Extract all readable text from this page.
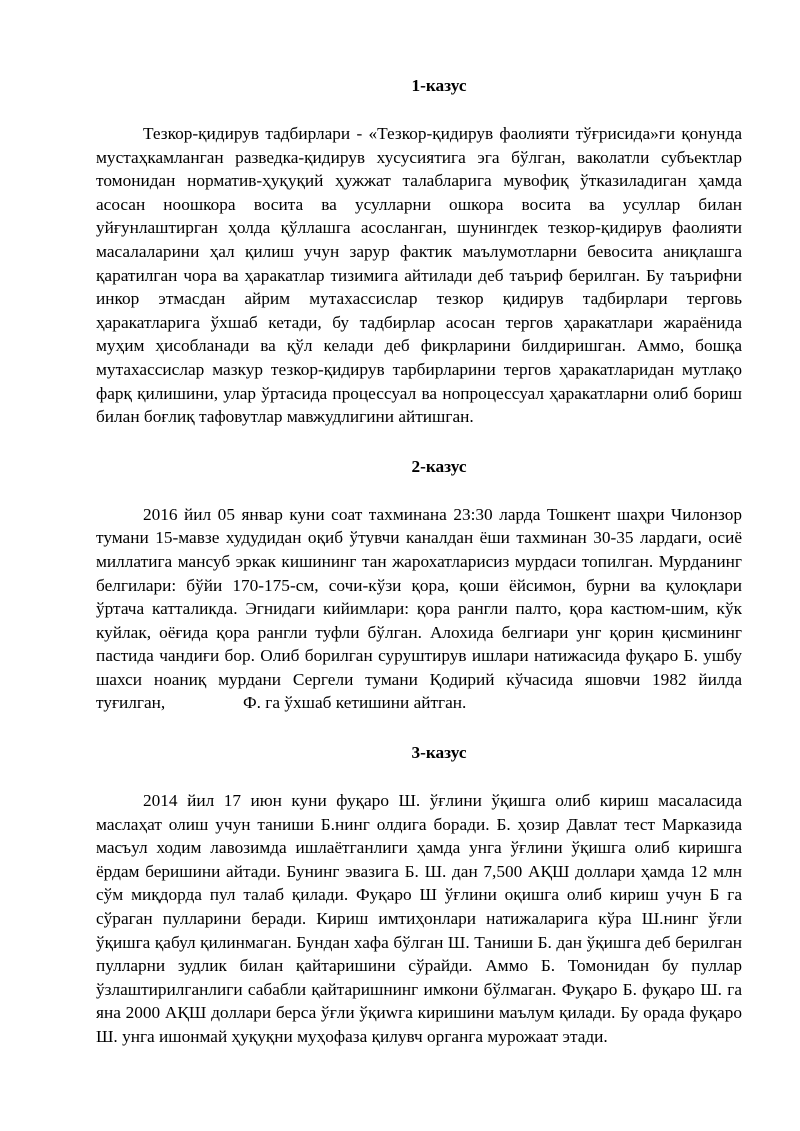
1-казус

Тезкор-қидирув тадбирлари - «Тезкор-қидирув фаолияти тўғрисида»ги қонунда мустаҳкамланган разведка-қидирув хусусиятига эга бўлган, ваколатли субъектлар томонидан норматив-ҳуқуқий ҳужжат талабларига мувофиқ ўтказиладиган ҳамда асосан ноошкора восита ва усулларни ошкора восита ва усуллар билан уйғунлаштирган ҳолда қўллашга асосланган, шунингдек тезкор-қидирув фаолияти масалаларини ҳал қилиш учун зарур фактик маълумотларни бевосита аниқлашга қаратилган чора ва ҳаракатлар тизимига айтилади деб таъриф берилган. Бу таърифни инкор этмасдан айрим мутахассислар тезкор қидирув тадбирлари терговь ҳаракатларига ўхшаб кетади, бу тадбирлар асосан тергов ҳаракатлари жараёнида муҳим ҳисобланади ва қўл келади деб фикрларини билдиришган. Аммо, бошқа мутахассислар мазкур тезкор-қидирув тарбирларини тергов ҳаракатларидан мутлақо фарқ қилишини, улар ўртасида процессуал ва нопроцессуал ҳаракатларни олиб бориш билан боғлиқ тафовутлар мавжудлигини айтишган.

2-казус

2016 йил 05 январ куни соат тахминана 23:30 ларда Тошкент шаҳри Чилонзор тумани 15-мавзе худудидан оқиб ўтувчи каналдан ёши тахминан 30-35 лардаги, осиё миллатига мансуб эркак кишининг тан жарохатларисиз мурдаси топилган. Мурданинг белгилари: бўйи 170-175-см, сочи-кўзи қора, қоши ёйсимон, бурни ва қулоқлари ўртача катталикда. Эгнидаги кийимлари: қора рангли палто, қора кастюм-шим, кўк куйлак, оёғида қора рангли туфли бўлган. Алохида белгиари унг қорин қисмининг пастида чандиғи бор. Олиб борилган суруштирув ишлари натижасида фуқаро Б. ушбу шахси ноаниқ мурдани Сергели тумани Қодирий кўчасида яшовчи 1982 йилда туғилган,                  Ф. га ўхшаб кетишини айтган.

3-казус

2014 йил 17 июн куни фуқаро Ш. ўғлини ўқишга олиб кириш масаласида маслаҳат олиш учун таниши Б.нинг олдига боради. Б. ҳозир Давлат тест Марказида масъул ходим лавозимда ишлаётганлиги ҳамда унга ўғлини ўқишга олиб киришга ёрдам беришини айтади. Бунинг эвазига Б. Ш. дан 7,500 АҚШ доллари ҳамда 12 млн сўм миқдорда пул талаб қилади. Фуқаро Ш ўғлини оқишга олиб кириш учун Б га сўраган пулларини беради. Кириш имтиҳонлари натижаларига кўра Ш.нинг ўғли ўқишга қабул қилинмаган. Бундан хафа бўлган Ш. Таниши Б. дан ўқишга деб берилган пулларни зудлик билан қайтаришини сўрайди. Аммо Б. Томонидан бу пуллар ўзлаштирилганлиги сабабли қайтаришнинг имкони бўлмаган. Фуқаро Б. фуқаро Ш. га яна 2000 АҚШ доллари берса ўғли ўқиwга киришини маълум қилади. Бу орада фуқаро Ш. унга ишонмай ҳуқуқни муҳофаза қилувч органга мурожаат этади.
